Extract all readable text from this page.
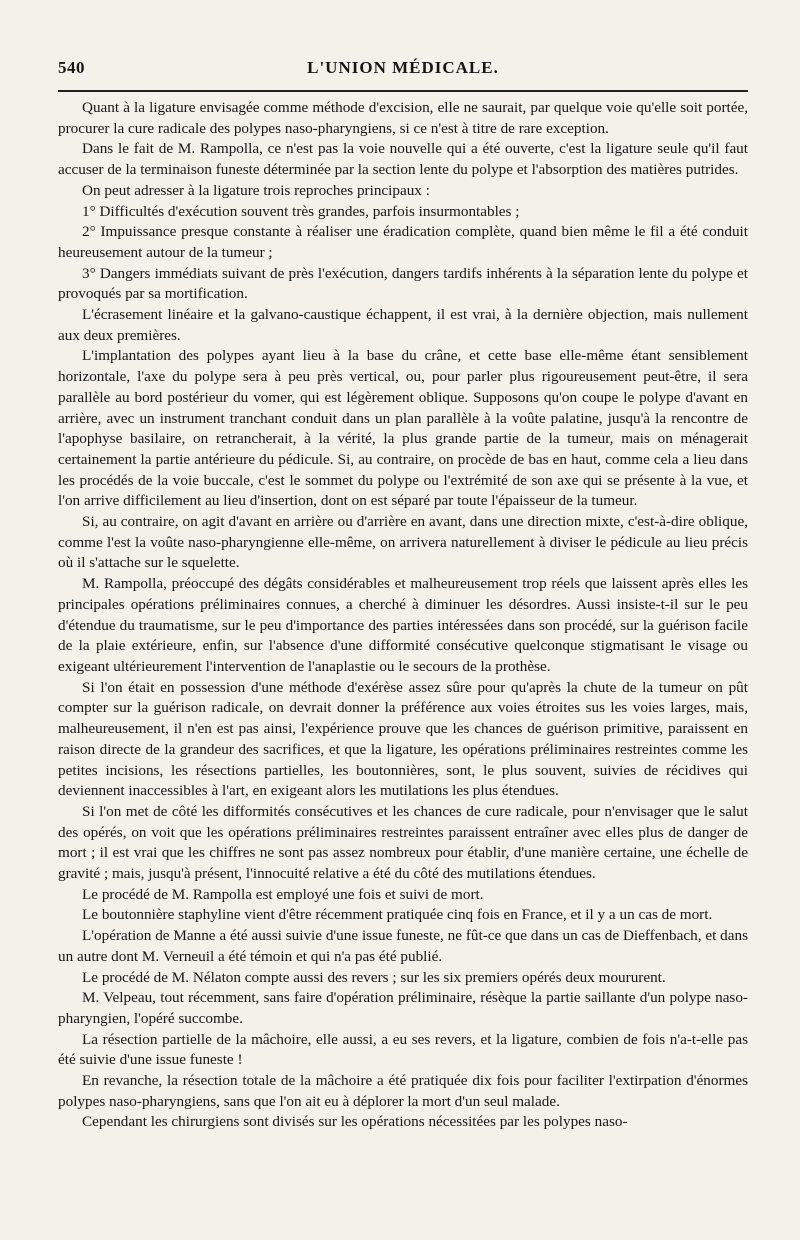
540	L'UNION MÉDICALE.

Quant à la ligature envisagée comme méthode d'excision, elle ne saurait, par quelque voie qu'elle soit portée, procurer la cure radicale des polypes naso-pharyngiens, si ce n'est à titre de rare exception.

Dans le fait de M. Rampolla, ce n'est pas la voie nouvelle qui a été ouverte, c'est la ligature seule qu'il faut accuser de la terminaison funeste déterminée par la section lente du polype et l'absorption des matières putrides.

On peut adresser à la ligature trois reproches principaux :

1° Difficultés d'exécution souvent très grandes, parfois insurmontables ;

2° Impuissance presque constante à réaliser une éradication complète, quand bien même le fil a été conduit heureusement autour de la tumeur ;

3° Dangers immédiats suivant de près l'exécution, dangers tardifs inhérents à la séparation lente du polype et provoqués par sa mortification.

L'écrasement linéaire et la galvano-caustique échappent, il est vrai, à la dernière objection, mais nullement aux deux premières.

L'implantation des polypes ayant lieu à la base du crâne, et cette base elle-même étant sensiblement horizontale, l'axe du polype sera à peu près vertical, ou, pour parler plus rigoureusement peut-être, il sera parallèle au bord postérieur du vomer, qui est légèrement oblique. Supposons qu'on coupe le polype d'avant en arrière, avec un instrument tranchant conduit dans un plan parallèle à la voûte palatine, jusqu'à la rencontre de l'apophyse basilaire, on retrancherait, à la vérité, la plus grande partie de la tumeur, mais on ménagerait certainement la partie antérieure du pédicule. Si, au contraire, on procède de bas en haut, comme cela a lieu dans les procédés de la voie buccale, c'est le sommet du polype ou l'extrémité de son axe qui se présente à la vue, et l'on arrive difficilement au lieu d'insertion, dont on est séparé par toute l'épaisseur de la tumeur.

Si, au contraire, on agit d'avant en arrière ou d'arrière en avant, dans une direction mixte, c'est-à-dire oblique, comme l'est la voûte naso-pharyngienne elle-même, on arrivera naturellement à diviser le pédicule au lieu précis où il s'attache sur le squelette.

M. Rampolla, préoccupé des dégâts considérables et malheureusement trop réels que laissent après elles les principales opérations préliminaires connues, a cherché à diminuer les désordres. Aussi insiste-t-il sur le peu d'étendue du traumatisme, sur le peu d'importance des parties intéressées dans son procédé, sur la guérison facile de la plaie extérieure, enfin, sur l'absence d'une difformité consécutive quelconque stigmatisant le visage ou exigeant ultérieurement l'intervention de l'anaplastie ou le secours de la prothèse.

Si l'on était en possession d'une méthode d'exérèse assez sûre pour qu'après la chute de la tumeur on pût compter sur la guérison radicale, on devrait donner la préférence aux voies étroites sus les voies larges, mais, malheureusement, il n'en est pas ainsi, l'expérience prouve que les chances de guérison primitive, paraissent en raison directe de la grandeur des sacrifices, et que la ligature, les opérations préliminaires restreintes comme les petites incisions, les résections partielles, les boutonnières, sont, le plus souvent, suivies de récidives qui deviennent inaccessibles à l'art, en exigeant alors les mutilations les plus étendues.

Si l'on met de côté les difformités consécutives et les chances de cure radicale, pour n'envisager que le salut des opérés, on voit que les opérations préliminaires restreintes paraissent entraîner avec elles plus de danger de mort ; il est vrai que les chiffres ne sont pas assez nombreux pour établir, d'une manière certaine, une échelle de gravité ; mais, jusqu'à présent, l'innocuité relative a été du côté des mutilations étendues.

Le procédé de M. Rampolla est employé une fois et suivi de mort.

Le boutonnière staphyline vient d'être récemment pratiquée cinq fois en France, et il y a un cas de mort.

L'opération de Manne a été aussi suivie d'une issue funeste, ne fût-ce que dans un cas de Dieffenbach, et dans un autre dont M. Verneuil a été témoin et qui n'a pas été publié.

Le procédé de M. Nélaton compte aussi des revers ; sur les six premiers opérés deux moururent.

M. Velpeau, tout récemment, sans faire d'opération préliminaire, résèque la partie saillante d'un polype naso-pharyngien, l'opéré succombe.

La résection partielle de la mâchoire, elle aussi, a eu ses revers, et la ligature, combien de fois n'a-t-elle pas été suivie d'une issue funeste !

En revanche, la résection totale de la mâchoire a été pratiquée dix fois pour faciliter l'extirpation d'énormes polypes naso-pharyngiens, sans que l'on ait eu à déplorer la mort d'un seul malade.

Cependant les chirurgiens sont divisés sur les opérations nécessitées par les polypes naso-
